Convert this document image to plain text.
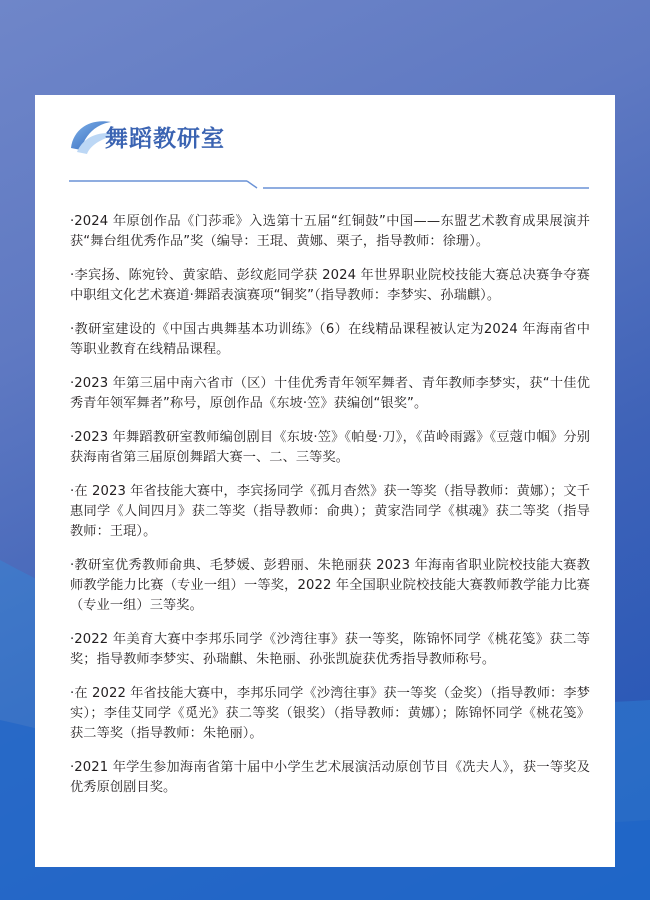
舞蹈教研室
·2024 年原创作品《门莎乖》入选第十五届“红铜鼓”中国——东盟艺术教育成果展演并获“舞台组优秀作品”奖（编导：王琨、黄娜、栗子，指导教师：徐珊）。
·李宾扬、陈宛铃、黄家皓、彭纹彪同学获 2024 年世界职业院校技能大赛总决赛争夺赛中职组文化艺术赛道·舞蹈表演赛项“铜奖”（指导教师：李梦实、孙瑞麒）。
·教研室建设的《中国古典舞基本功训练》（6）在线精品课程被认定为2024 年海南省中等职业教育在线精品课程。
·2023 年第三届中南六省市（区）十佳优秀青年领军舞者、青年教师李梦实，获“十佳优秀青年领军舞者”称号，原创作品《东坡·笠》获编创“银奖”。
·2023 年舞蹈教研室教师编创剧目《东坡·笠》《帕曼·刀》，《苗岭雨露》《豆蔻巾帼》分别获海南省第三届原创舞蹈大赛一、二、三等奖。
·在 2023 年省技能大赛中，李宾扬同学《孤月杳然》获一等奖（指导教师：黄娜）；文千惠同学《人间四月》获二等奖（指导教师：俞典）；黄家浩同学《棋魂》获二等奖（指导教师：王琨）。
·教研室优秀教师俞典、毛梦媛、彭碧丽、朱艳丽获 2023 年海南省职业院校技能大赛教师教学能力比赛（专业一组）一等奖，2022 年全国职业院校技能大赛教师教学能力比赛（专业一组）三等奖。
·2022 年美育大赛中李邦乐同学《沙湾往事》获一等奖，陈锦怀同学《桃花笺》获二等奖；指导教师李梦实、孙瑞麒、朱艳丽、孙张凯旋获优秀指导教师称号。
·在 2022 年省技能大赛中，李邦乐同学《沙湾往事》获一等奖（金奖）（指导教师：李梦实）；李佳艾同学《觅光》获二等奖（银奖）（指导教师：黄娜）；陈锦怀同学《桃花笺》获二等奖（指导教师：朱艳丽）。
·2021 年学生参加海南省第十届中小学生艺术展演活动原创节目《冼夫人》，获一等奖及优秀原创剧目奖。
